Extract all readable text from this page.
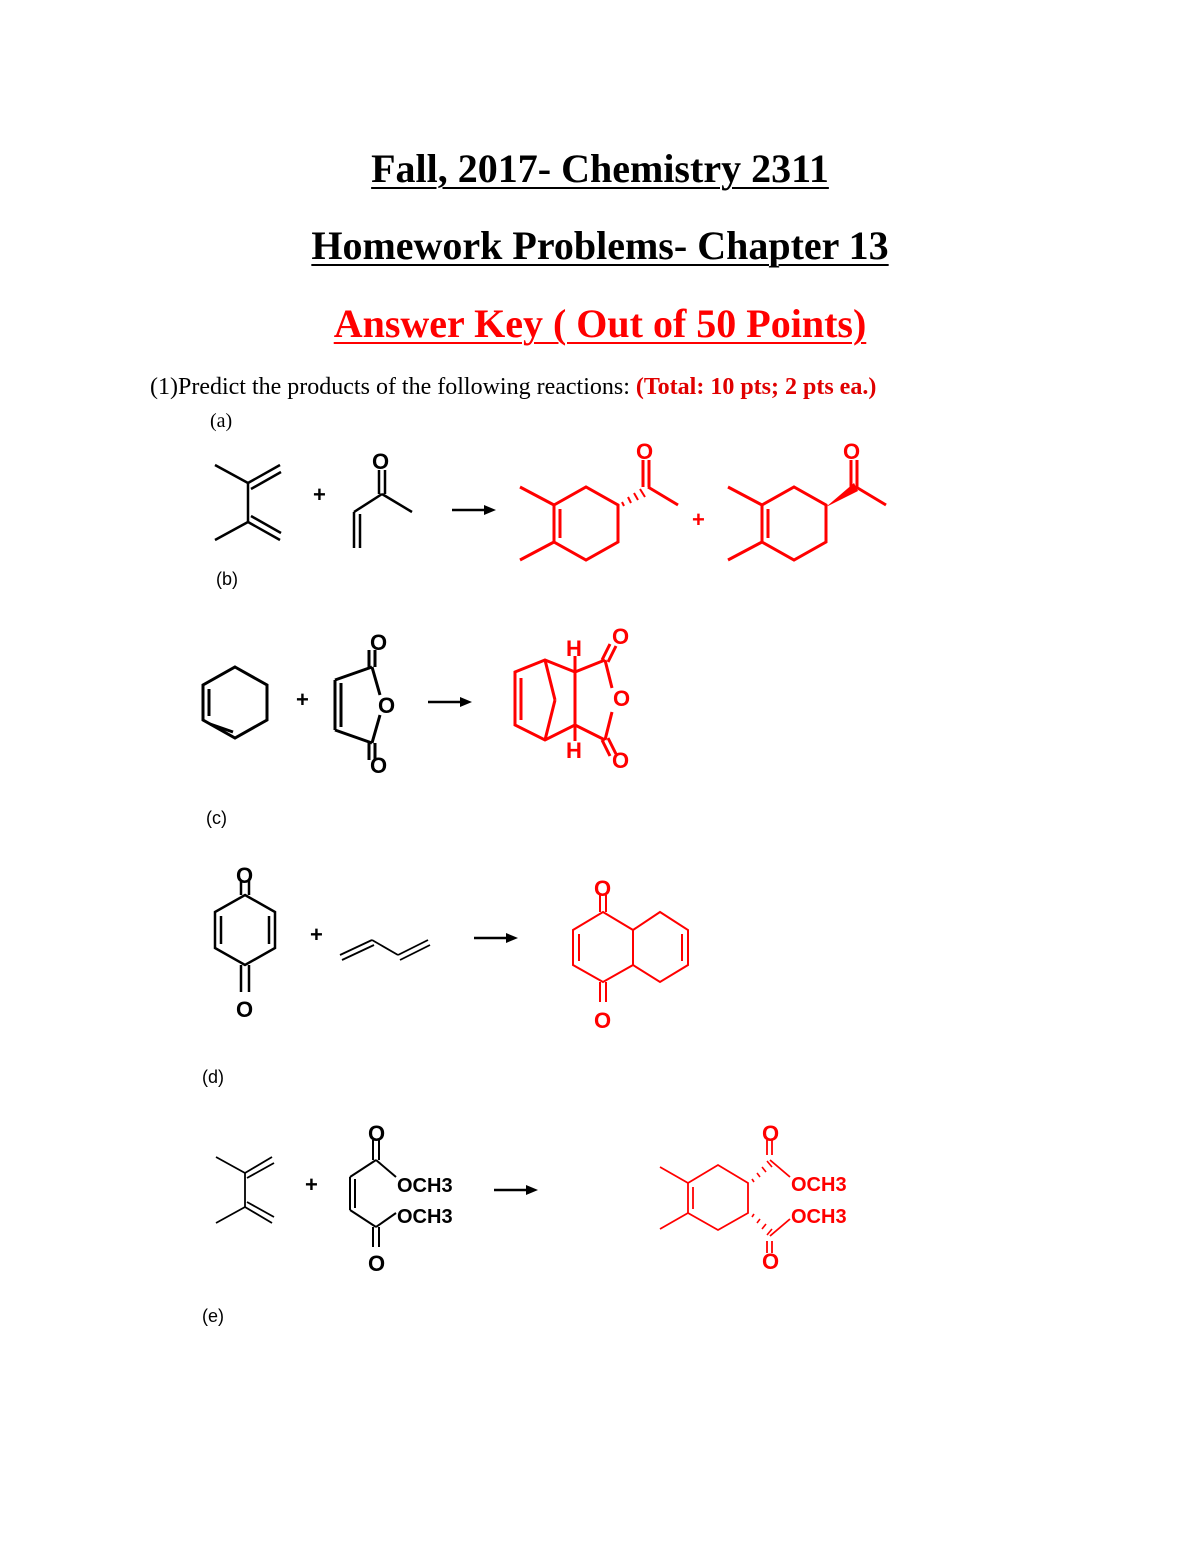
Fall, 2017- Chemistry 2311
Homework Problems- Chapter 13
Answer Key ( Out of 50 Points)
(1)Predict the products of the following reactions: (Total: 10 pts; 2 pts ea.)
(a)
(b)
(c)
(d)
(e)
+
O	O
+
O
+
O
O
O
O
O
O
H
H
O
O
+
O
O
+
O
O
OCH3
OCH3
O
O
OCH3
OCH3
